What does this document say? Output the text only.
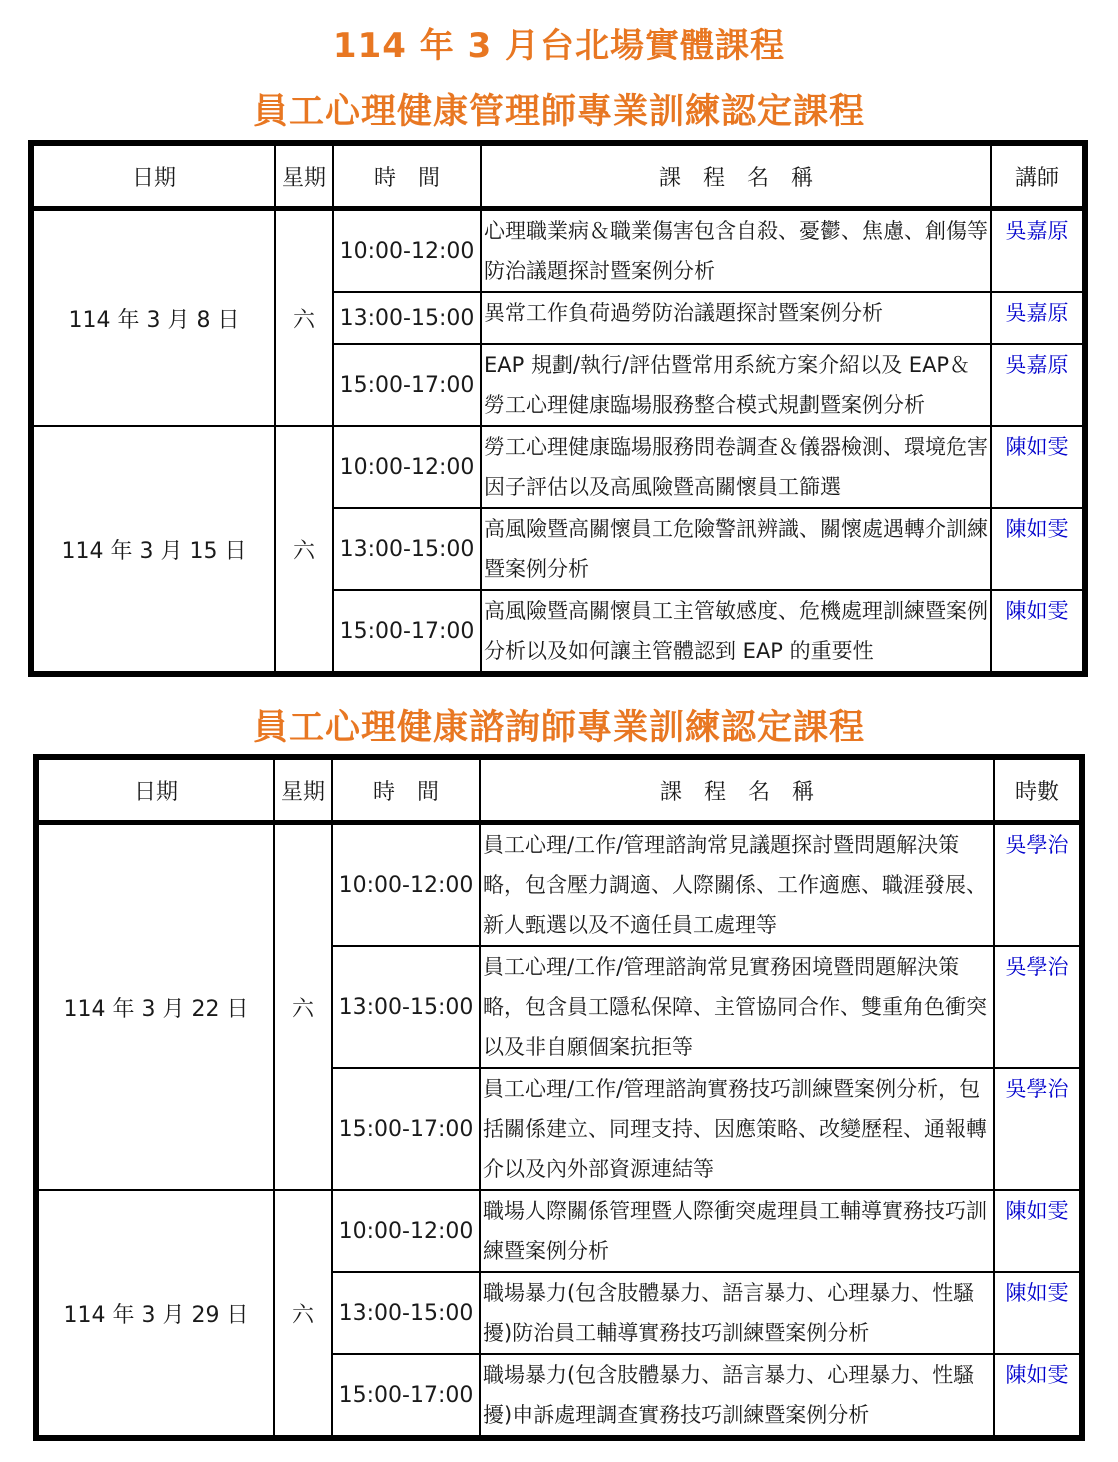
114 年 3 月台北場實體課程
員工心理健康管理師專業訓練認定課程
日期	星期	時　間	課　程　名　稱	講師
114 年 3 月 8 日	六	10:00-12:00	心理職業病＆職業傷害包含自殺、憂鬱、焦慮、創傷等防治議題探討暨案例分析	吳嘉原
		13:00-15:00	異常工作負荷過勞防治議題探討暨案例分析	吳嘉原
		15:00-17:00	EAP 規劃/執行/評估暨常用系統方案介紹以及 EAP＆勞工心理健康臨場服務整合模式規劃暨案例分析	吳嘉原
114 年 3 月 15 日	六	10:00-12:00	勞工心理健康臨場服務問卷調查＆儀器檢測、環境危害因子評估以及高風險暨高關懷員工篩選	陳如雯
		13:00-15:00	高風險暨高關懷員工危險警訊辨識、關懷處遇轉介訓練暨案例分析	陳如雯
		15:00-17:00	高風險暨高關懷員工主管敏感度、危機處理訓練暨案例分析以及如何讓主管體認到 EAP 的重要性	陳如雯
員工心理健康諮詢師專業訓練認定課程
日期	星期	時　間	課　程　名　稱	時數
114 年 3 月 22 日	六	10:00-12:00	員工心理/工作/管理諮詢常見議題探討暨問題解決策略，包含壓力調適、人際關係、工作適應、職涯發展、新人甄選以及不適任員工處理等	吳學治
		13:00-15:00	員工心理/工作/管理諮詢常見實務困境暨問題解決策略，包含員工隱私保障、主管協同合作、雙重角色衝突以及非自願個案抗拒等	吳學治
		15:00-17:00	員工心理/工作/管理諮詢實務技巧訓練暨案例分析，包括關係建立、同理支持、因應策略、改變歷程、通報轉介以及內外部資源連結等	吳學治
114 年 3 月 29 日	六	10:00-12:00	職場人際關係管理暨人際衝突處理員工輔導實務技巧訓練暨案例分析	陳如雯
		13:00-15:00	職場暴力(包含肢體暴力、語言暴力、心理暴力、性騷擾)防治員工輔導實務技巧訓練暨案例分析	陳如雯
		15:00-17:00	職場暴力(包含肢體暴力、語言暴力、心理暴力、性騷擾)申訴處理調查實務技巧訓練暨案例分析	陳如雯
